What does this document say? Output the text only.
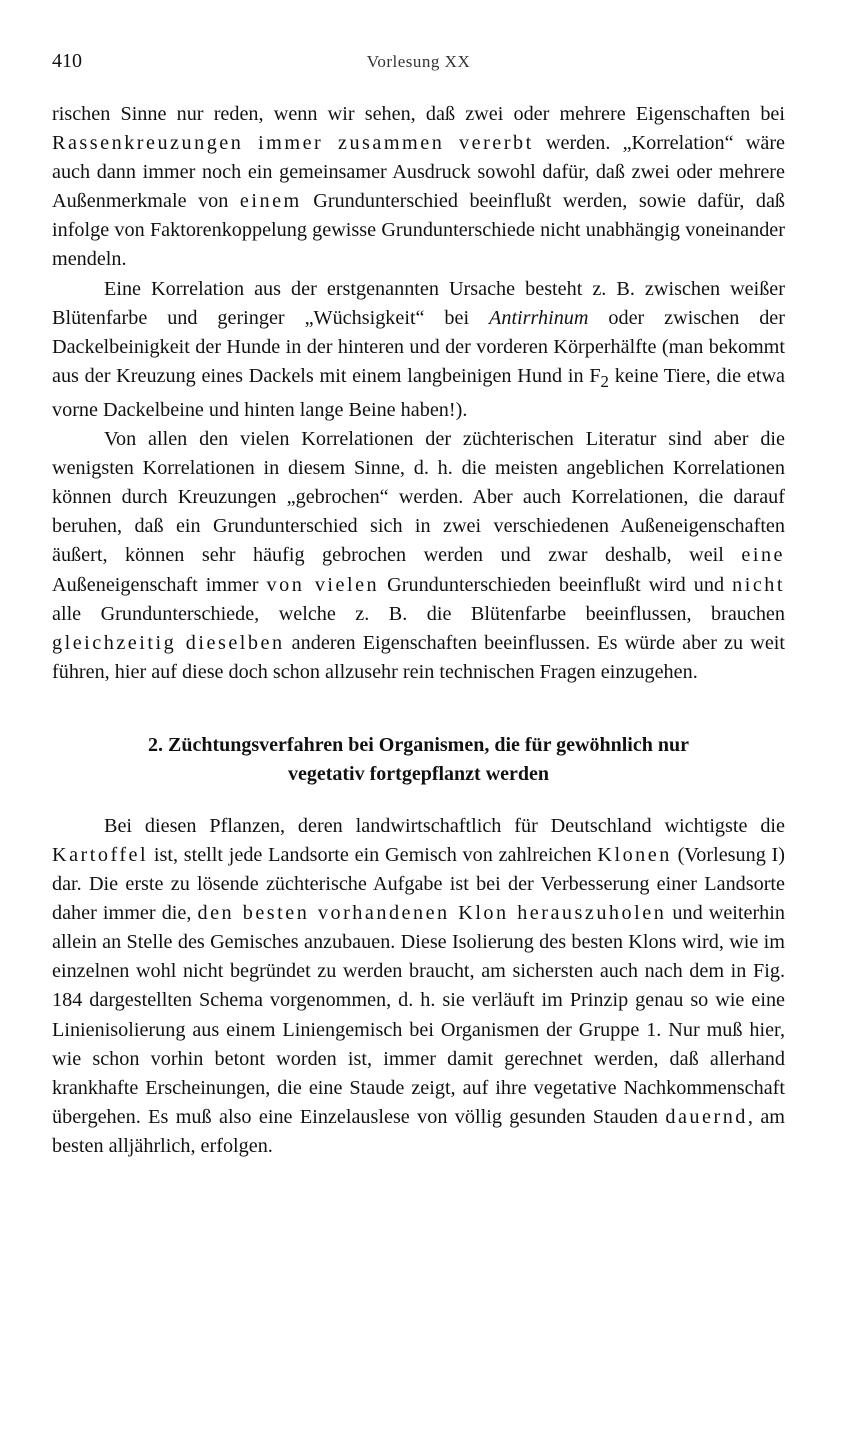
410	Vorlesung XX

rischen Sinne nur reden, wenn wir sehen, daß zwei oder mehrere Eigenschaften bei Rassenkreuzungen immer zusammen vererbt werden. „Korrelation“ wäre auch dann immer noch ein gemeinsamer Ausdruck sowohl dafür, daß zwei oder mehrere Außenmerkmale von einem Grundunterschied beeinflußt werden, sowie dafür, daß infolge von Faktorenkoppelung gewisse Grundunterschiede nicht unabhängig voneinander mendeln.

Eine Korrelation aus der erstgenannten Ursache besteht z. B. zwischen weißer Blütenfarbe und geringer „Wüchsigkeit“ bei Antirrhinum oder zwischen der Dackelbeinigkeit der Hunde in der hinteren und der vorderen Körperhälfte (man bekommt aus der Kreuzung eines Dackels mit einem langbeinigen Hund in $F_2$ keine Tiere, die etwa vorne Dackelbeine und hinten lange Beine haben!).

Von allen den vielen Korrelationen der züchterischen Literatur sind aber die wenigsten Korrelationen in diesem Sinne, d. h. die meisten angeblichen Korrelationen können durch Kreuzungen „gebrochen“ werden. Aber auch Korrelationen, die darauf beruhen, daß ein Grundunterschied sich in zwei verschiedenen Außeneigenschaften äußert, können sehr häufig gebrochen werden und zwar deshalb, weil eine Außeneigenschaft immer von vielen Grundunterschieden beeinflußt wird und nicht alle Grundunterschiede, welche z. B. die Blütenfarbe beeinflussen, brauchen gleichzeitig dieselben anderen Eigenschaften beeinflussen. Es würde aber zu weit führen, hier auf diese doch schon allzusehr rein technischen Fragen einzugehen.

2. Züchtungsverfahren bei Organismen, die für gewöhnlich nur
vegetativ fortgepflanzt werden

Bei diesen Pflanzen, deren landwirtschaftlich für Deutschland wichtigste die Kartoffel ist, stellt jede Landsorte ein Gemisch von zahlreichen Klonen (Vorlesung I) dar. Die erste zu lösende züchterische Aufgabe ist bei der Verbesserung einer Landsorte daher immer die, den besten vorhandenen Klon herauszuholen und weiterhin allein an Stelle des Gemisches anzubauen. Diese Isolierung des besten Klons wird, wie im einzelnen wohl nicht begründet zu werden braucht, am sichersten auch nach dem in Fig. 184 dargestellten Schema vorgenommen, d. h. sie verläuft im Prinzip genau so wie eine Linienisolierung aus einem Liniengemisch bei Organismen der Gruppe 1. Nur muß hier, wie schon vorhin betont worden ist, immer damit gerechnet werden, daß allerhand krankhafte Erscheinungen, die eine Staude zeigt, auf ihre vegetative Nachkommenschaft übergehen. Es muß also eine Einzelauslese von völlig gesunden Stauden dauernd, am besten alljährlich, erfolgen.
